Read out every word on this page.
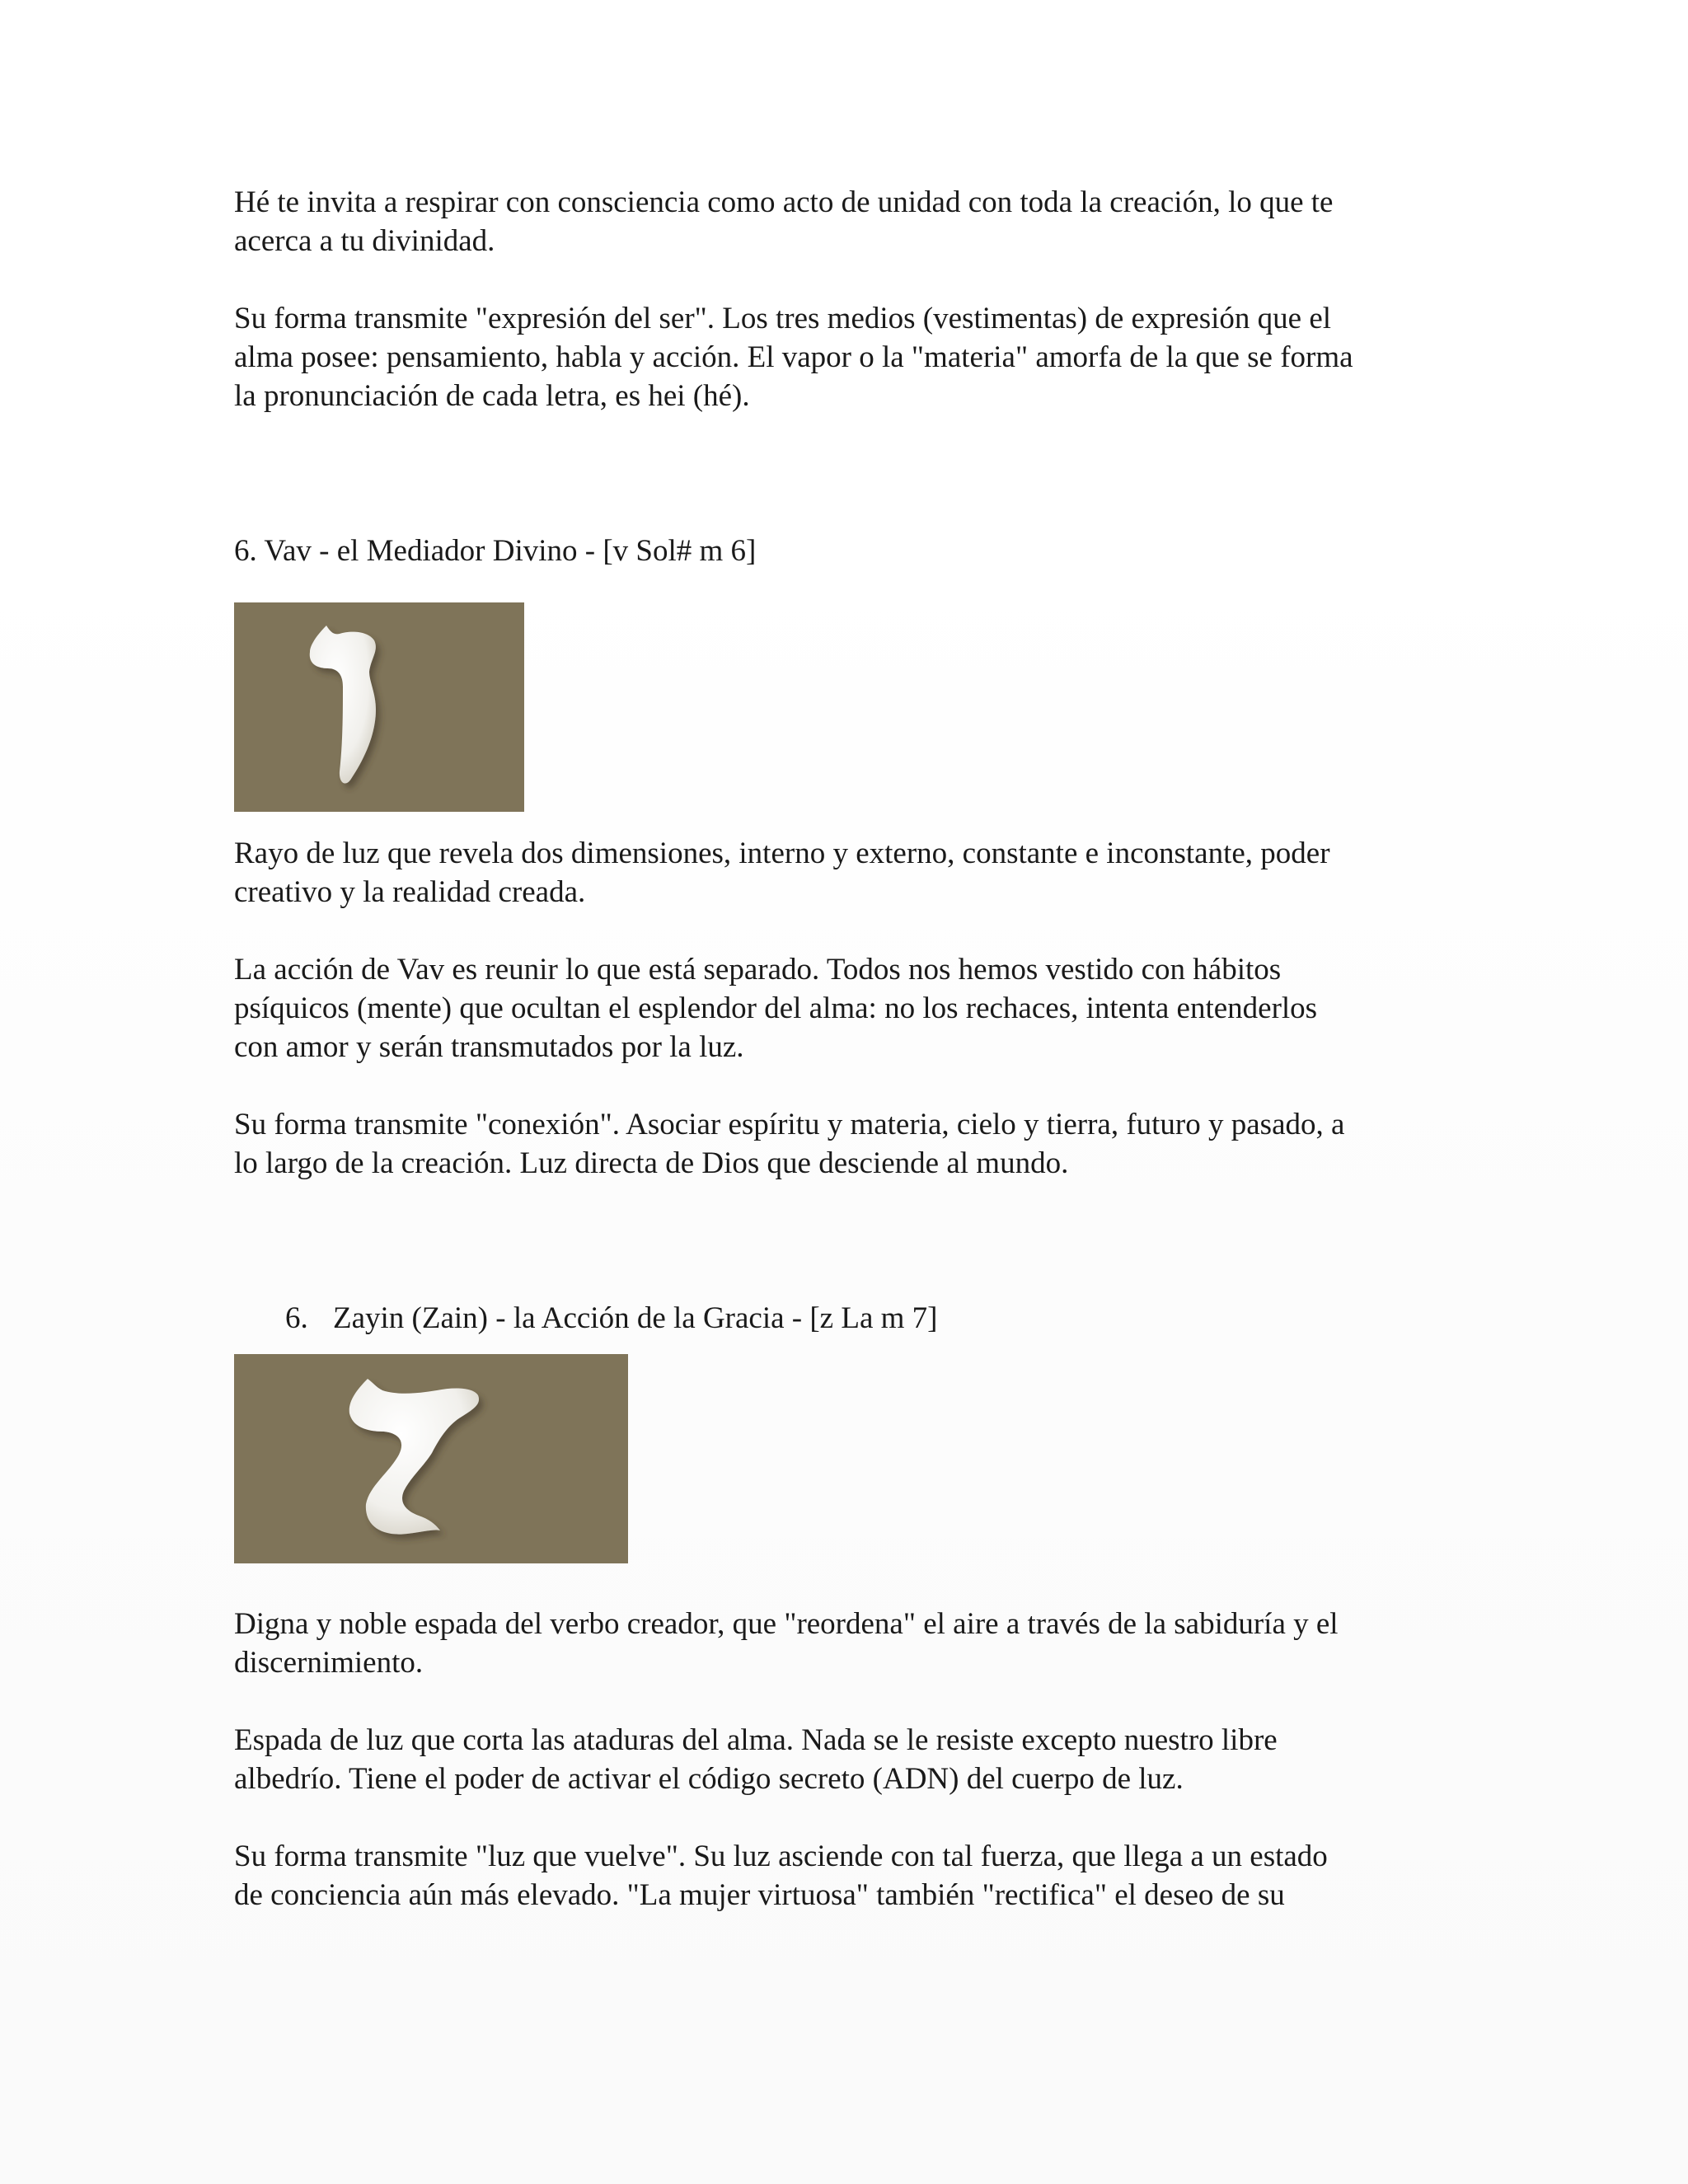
Hé te invita a respirar con consciencia como acto de unidad con toda la creación, lo que te
acerca a tu divinidad.

Su forma transmite "expresión del ser". Los tres medios (vestimentas) de expresión que el
alma posee: pensamiento, habla y acción. El vapor o la "materia" amorfa de la que se forma
la pronunciación de cada letra, es hei (hé).

6. Vav - el Mediador Divino - [v Sol# m 6]

Rayo de luz que revela dos dimensiones, interno y externo, constante e inconstante, poder
creativo y la realidad creada.

La acción de Vav es reunir lo que está separado. Todos nos hemos vestido con hábitos
psíquicos (mente) que ocultan el esplendor del alma: no los rechaces, intenta entenderlos
con amor y serán transmutados por la luz.

Su forma transmite "conexión". Asociar espíritu y materia, cielo y tierra, futuro y pasado, a
lo largo de la creación. Luz directa de Dios que desciende al mundo.

6. Zayin (Zain) - la Acción de la Gracia - [z La m 7]

Digna y noble espada del verbo creador, que "reordena" el aire a través de la sabiduría y el
discernimiento.

Espada de luz que corta las ataduras del alma. Nada se le resiste excepto nuestro libre
albedrío. Tiene el poder de activar el código secreto (ADN) del cuerpo de luz.

Su forma transmite "luz que vuelve". Su luz asciende con tal fuerza, que llega a un estado
de conciencia aún más elevado. "La mujer virtuosa" también "rectifica" el deseo de su
